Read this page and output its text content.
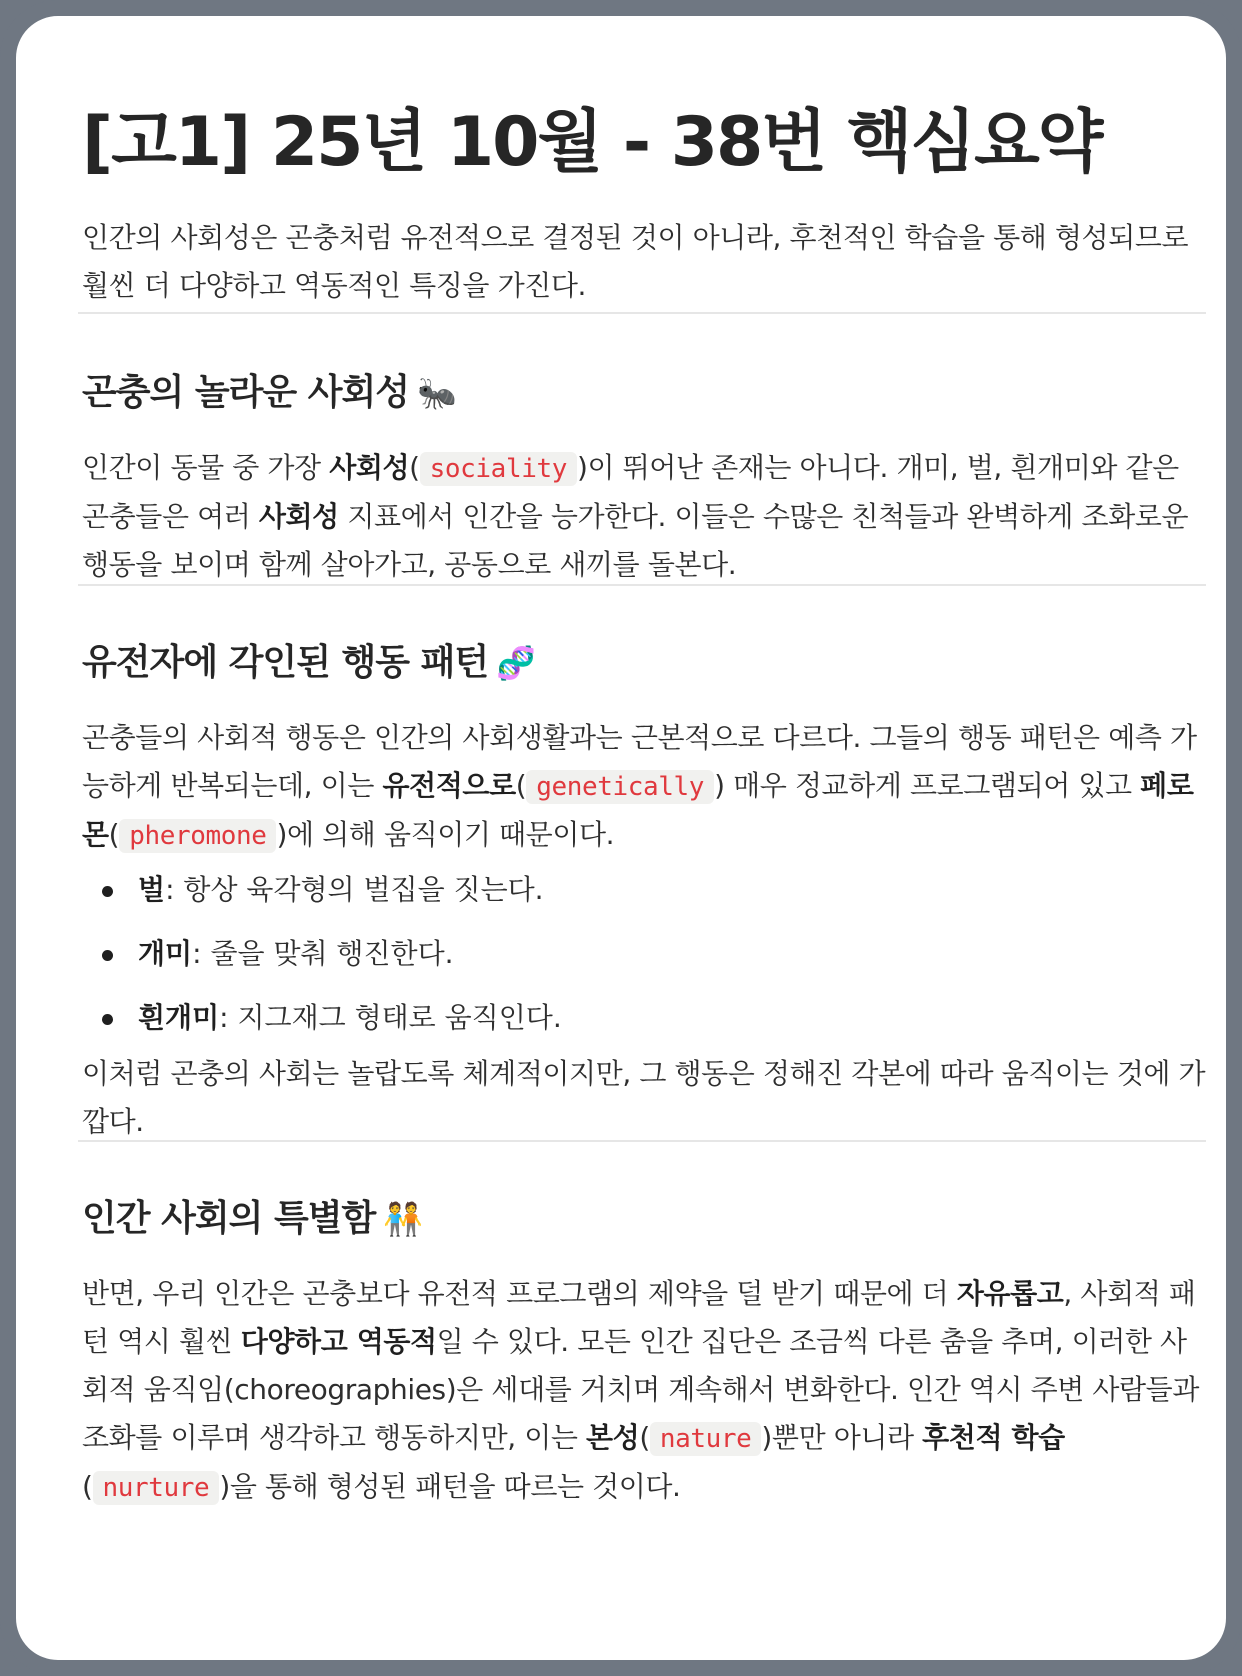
[고1] 25년 10월 - 38번 핵심요약
인간의 사회성은 곤충처럼 유전적으로 결정된 것이 아니라, 후천적인 학습을 통해 형성되므로 훨씬 더 다양하고 역동적인 특징을 가진다.
곤충의 놀라운 사회성 🐜
인간이 동물 중 가장 사회성( sociality )이 뛰어난 존재는 아니다. 개미, 벌, 흰개미와 같은 곤충들은 여러 사회성 지표에서 인간을 능가한다. 이들은 수많은 친척들과 완벽하게 조화로운 행동을 보이며 함께 살아가고, 공동으로 새끼를 돌본다.
유전자에 각인된 행동 패턴 🧬
곤충들의 사회적 행동은 인간의 사회생활과는 근본적으로 다르다. 그들의 행동 패턴은 예측 가능하게 반복되는데, 이는 유전적으로( genetically ) 매우 정교하게 프로그램되어 있고 페로몬( pheromone )에 의해 움직이기 때문이다.
벌: 항상 육각형의 벌집을 짓는다.
개미: 줄을 맞춰 행진한다.
흰개미: 지그재그 형태로 움직인다.
이처럼 곤충의 사회는 놀랍도록 체계적이지만, 그 행동은 정해진 각본에 따라 움직이는 것에 가깝다.
인간 사회의 특별함 🧑‍🤝‍🧑
반면, 우리 인간은 곤충보다 유전적 프로그램의 제약을 덜 받기 때문에 더 자유롭고, 사회적 패턴 역시 훨씬 다양하고 역동적일 수 있다. 모든 인간 집단은 조금씩 다른 춤을 추며, 이러한 사회적 움직임(choreographies)은 세대를 거치며 계속해서 변화한다. 인간 역시 주변 사람들과 조화를 이루며 생각하고 행동하지만, 이는 본성( nature )뿐만 아니라 후천적 학습( nurture )을 통해 형성된 패턴을 따르는 것이다.
